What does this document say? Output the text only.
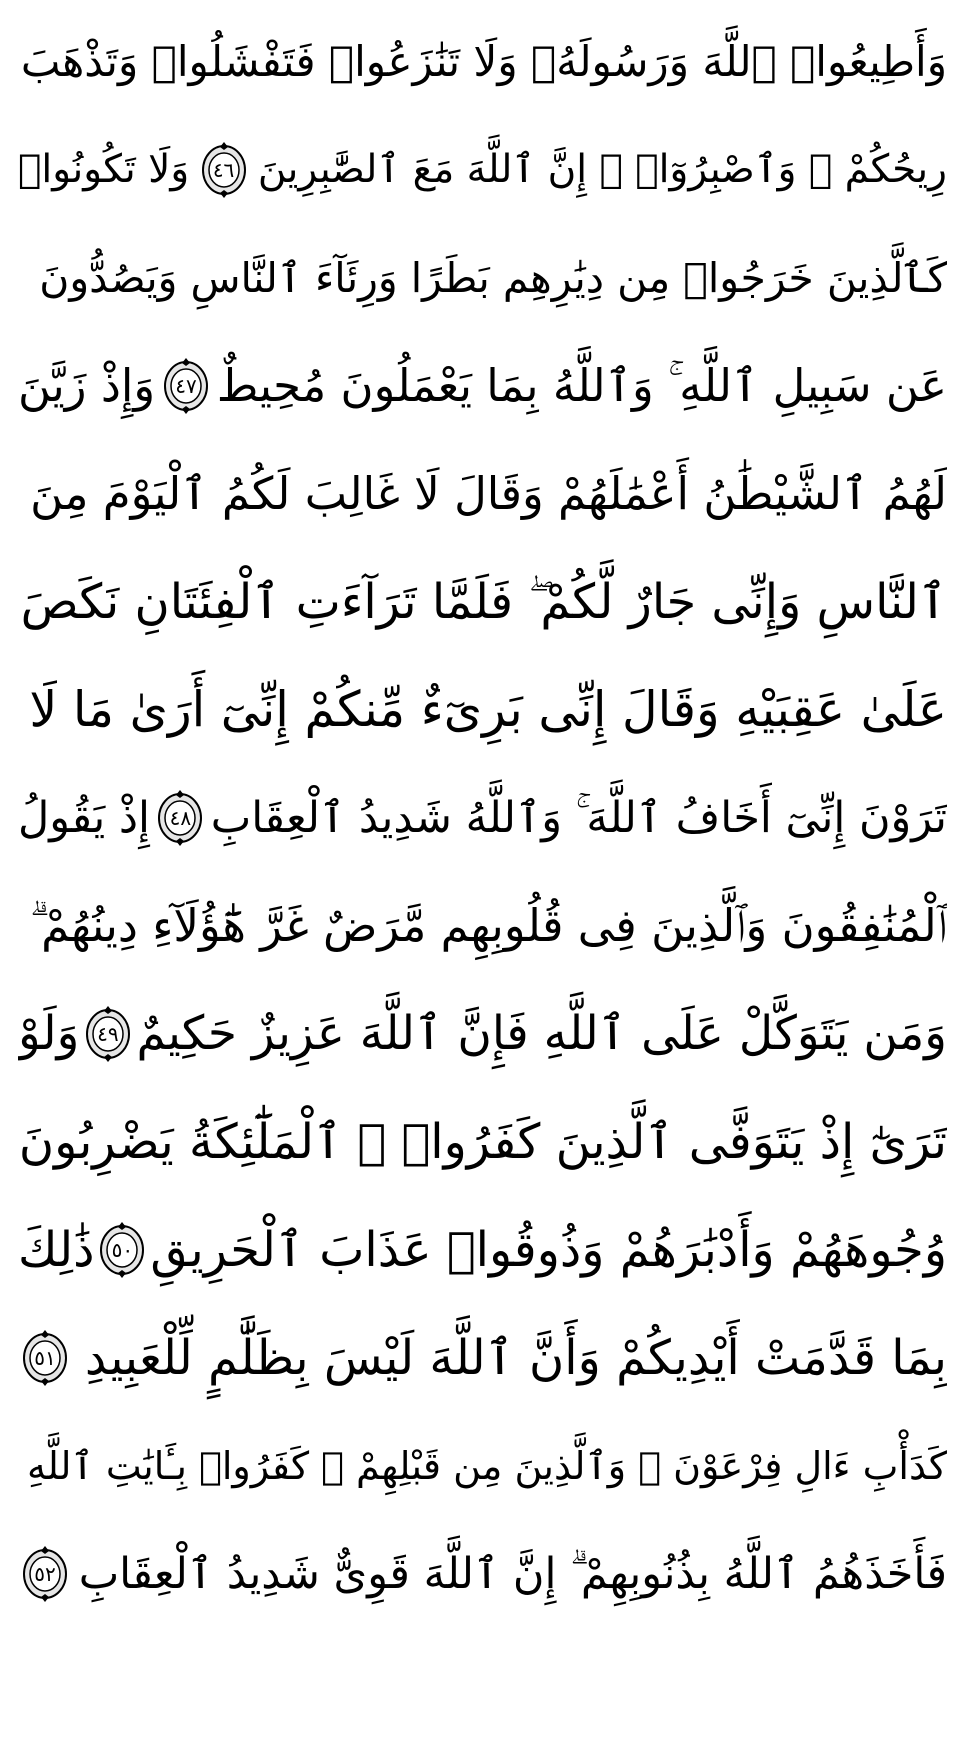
وَأَطِيعُوا۟ ٱللَّهَ وَرَسُولَهُۥ وَلَا تَنَٰزَعُوا۟ فَتَفْشَلُوا۟ وَتَذْهَبَ
رِيحُكُمْ ۖ وَٱصْبِرُوٓا۟ ۚ إِنَّ ٱللَّهَ مَعَ ٱلصَّٰبِرِينَ
٤٦
وَلَا تَكُونُوا۟
كَٱلَّذِينَ خَرَجُوا۟ مِن دِيَٰرِهِم بَطَرًا وَرِئَآءَ ٱلنَّاسِ وَيَصُدُّونَ
عَن سَبِيلِ ٱللَّهِ ۚ وَٱللَّهُ بِمَا يَعْمَلُونَ مُحِيطٌ
٤٧
وَإِذْ زَيَّنَ
لَهُمُ ٱلشَّيْطَٰنُ أَعْمَٰلَهُمْ وَقَالَ لَا غَالِبَ لَكُمُ ٱلْيَوْمَ مِنَ
ٱلنَّاسِ وَإِنِّى جَارٌ لَّكُمْ ۖ فَلَمَّا تَرَآءَتِ ٱلْفِئَتَانِ نَكَصَ
عَلَىٰ عَقِبَيْهِ وَقَالَ إِنِّى بَرِىٓءٌ مِّنكُمْ إِنِّىٓ أَرَىٰ مَا لَا
تَرَوْنَ إِنِّىٓ أَخَافُ ٱللَّهَ ۚ وَٱللَّهُ شَدِيدُ ٱلْعِقَابِ
٤٨
إِذْ يَقُولُ
ٱلْمُنَٰفِقُونَ وَٱلَّذِينَ فِى قُلُوبِهِم مَّرَضٌ غَرَّ هَٰٓؤُلَآءِ دِينُهُمْ ۗ
وَمَن يَتَوَكَّلْ عَلَى ٱللَّهِ فَإِنَّ ٱللَّهَ عَزِيزٌ حَكِيمٌ
٤٩
وَلَوْ
تَرَىٰٓ إِذْ يَتَوَفَّى ٱلَّذِينَ كَفَرُوا۟ ۙ ٱلْمَلَٰٓئِكَةُ يَضْرِبُونَ
وُجُوهَهُمْ وَأَدْبَٰرَهُمْ وَذُوقُوا۟ عَذَابَ ٱلْحَرِيقِ
٥٠
ذَٰلِكَ
بِمَا قَدَّمَتْ أَيْدِيكُمْ وَأَنَّ ٱللَّهَ لَيْسَ بِظَلَّٰمٍ لِّلْعَبِيدِ
٥١
كَدَأْبِ ءَالِ فِرْعَوْنَ ۙ وَٱلَّذِينَ مِن قَبْلِهِمْ ۚ كَفَرُوا۟ بِـَٔايَٰتِ ٱللَّهِ
فَأَخَذَهُمُ ٱللَّهُ بِذُنُوبِهِمْ ۗ إِنَّ ٱللَّهَ قَوِىٌّ شَدِيدُ ٱلْعِقَابِ
٥٢
